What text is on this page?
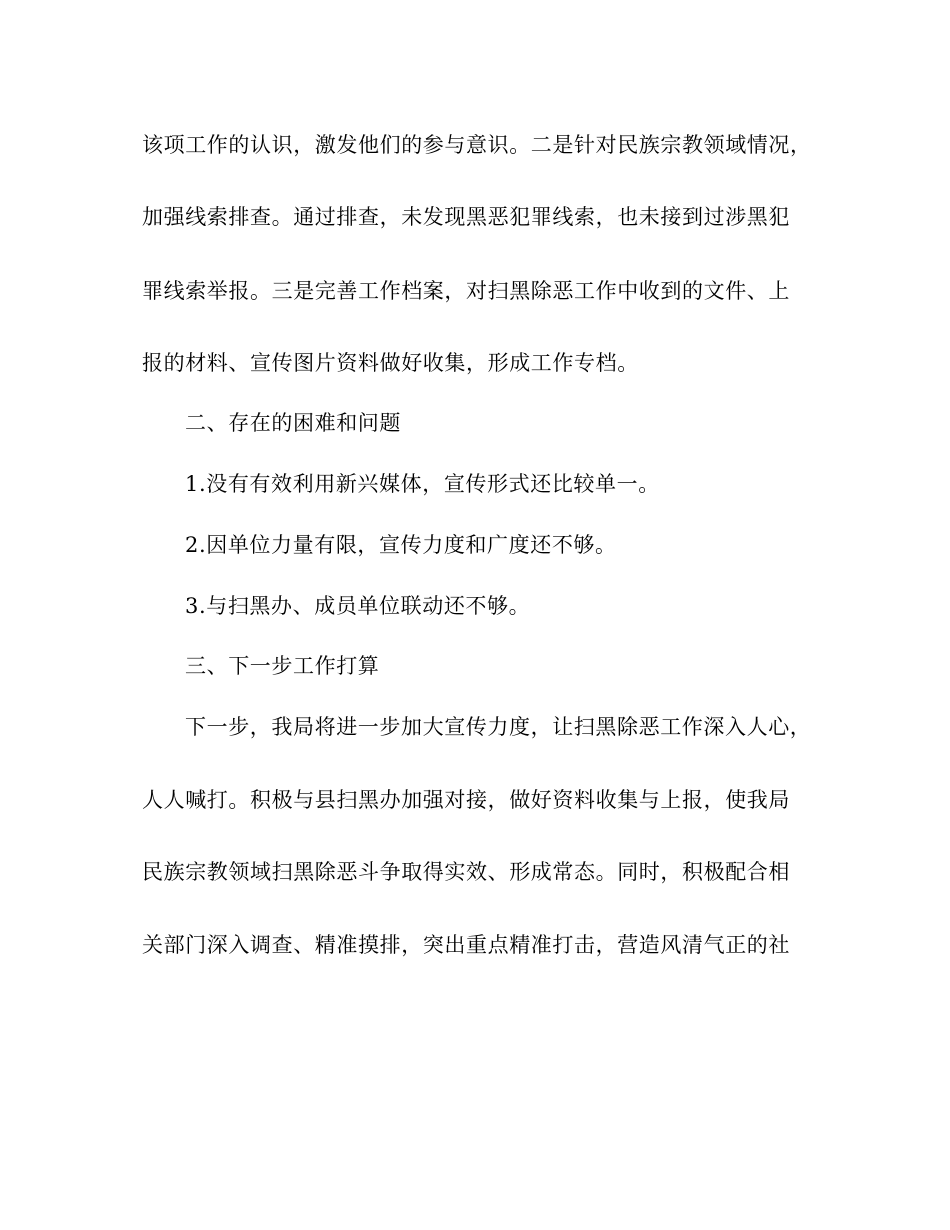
该项工作的认识，激发他们的参与意识。二是针对民族宗教领域情况，
加强线索排查。通过排查，未发现黑恶犯罪线索，也未接到过涉黑犯
罪线索举报。三是完善工作档案，对扫黑除恶工作中收到的文件、上
报的材料、宣传图片资料做好收集，形成工作专档。
二、存在的困难和问题
1.没有有效利用新兴媒体，宣传形式还比较单一。
2.因单位力量有限，宣传力度和广度还不够。
3.与扫黑办、成员单位联动还不够。
三、下一步工作打算
下一步，我局将进一步加大宣传力度，让扫黑除恶工作深入人心，
人人喊打。积极与县扫黑办加强对接，做好资料收集与上报，使我局
民族宗教领域扫黑除恶斗争取得实效、形成常态。同时，积极配合相
关部门深入调查、精准摸排，突出重点精准打击，营造风清气正的社
